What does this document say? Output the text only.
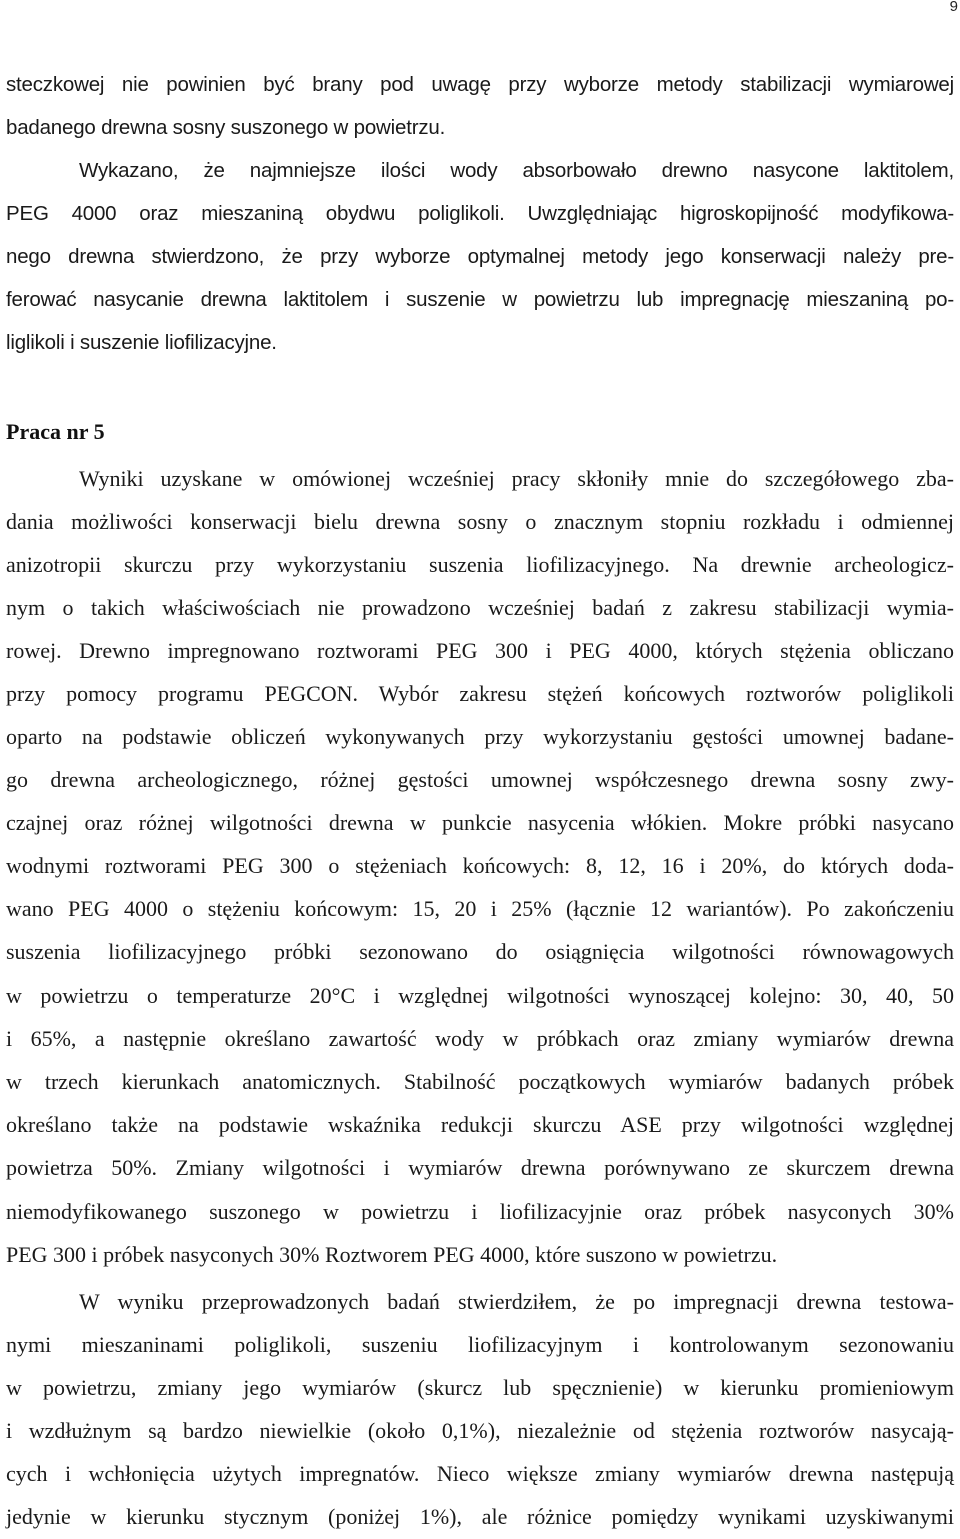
9
steczkowej nie powinien być brany pod uwagę przy wyborze metody stabilizacji wymiarowej
badanego drewna sosny suszonego w powietrzu.
Wykazano, że najmniejsze ilości wody absorbowało drewno nasycone laktitolem,
PEG 4000 oraz mieszaniną obydwu poliglikoli. Uwzględniając higroskopijność modyfikowa-
nego drewna stwierdzono, że przy wyborze optymalnej metody jego konserwacji należy pre-
ferować nasycanie drewna laktitolem i suszenie w powietrzu lub impregnację mieszaniną po-
liglikoli i suszenie liofilizacyjne.
Praca nr 5
Wyniki uzyskane w omówionej wcześniej pracy skłoniły mnie do szczegółowego zba-
dania możliwości konserwacji bielu drewna sosny o znacznym stopniu rozkładu i odmiennej
anizotropii skurczu przy wykorzystaniu suszenia liofilizacyjnego. Na drewnie archeologicz-
nym o takich właściwościach nie prowadzono wcześniej badań z zakresu stabilizacji wymia-
rowej. Drewno impregnowano roztworami PEG 300 i PEG 4000, których stężenia obliczano
przy pomocy programu PEGCON. Wybór zakresu stężeń końcowych roztworów poliglikoli
oparto na podstawie obliczeń wykonywanych przy wykorzystaniu gęstości umownej badane-
go drewna archeologicznego, różnej gęstości umownej współczesnego drewna sosny zwy-
czajnej oraz różnej wilgotności drewna w punkcie nasycenia włókien. Mokre próbki nasycano
wodnymi roztworami PEG 300 o stężeniach końcowych: 8, 12, 16 i 20%, do których doda-
wano PEG 4000 o stężeniu końcowym: 15, 20 i 25% (łącznie 12 wariantów). Po zakończeniu
suszenia liofilizacyjnego próbki sezonowano do osiągnięcia wilgotności równowagowych
w powietrzu o temperaturze 20°C i względnej wilgotności wynoszącej kolejno: 30, 40, 50
i 65%, a następnie określano zawartość wody w próbkach oraz zmiany wymiarów drewna
w trzech kierunkach anatomicznych. Stabilność początkowych wymiarów badanych próbek
określano także na podstawie wskaźnika redukcji skurczu ASE przy wilgotności względnej
powietrza 50%. Zmiany wilgotności i wymiarów drewna porównywano ze skurczem drewna
niemodyfikowanego suszonego w powietrzu i liofilizacyjnie oraz próbek nasyconych 30%
PEG 300 i próbek nasyconych 30% Roztworem PEG 4000, które suszono w powietrzu.
W wyniku przeprowadzonych badań stwierdziłem, że po impregnacji drewna testowa-
nymi mieszaninami poliglikoli, suszeniu liofilizacyjnym i kontrolowanym sezonowaniu
w powietrzu, zmiany jego wymiarów (skurcz lub spęcznienie) w kierunku promieniowym
i wzdłużnym są bardzo niewielkie (około 0,1%), niezależnie od stężenia roztworów nasycają-
cych i wchłonięcia użytych impregnatów. Nieco większe zmiany wymiarów drewna następują
jedynie w kierunku stycznym (poniżej 1%), ale różnice pomiędzy wynikami uzyskiwanymi
